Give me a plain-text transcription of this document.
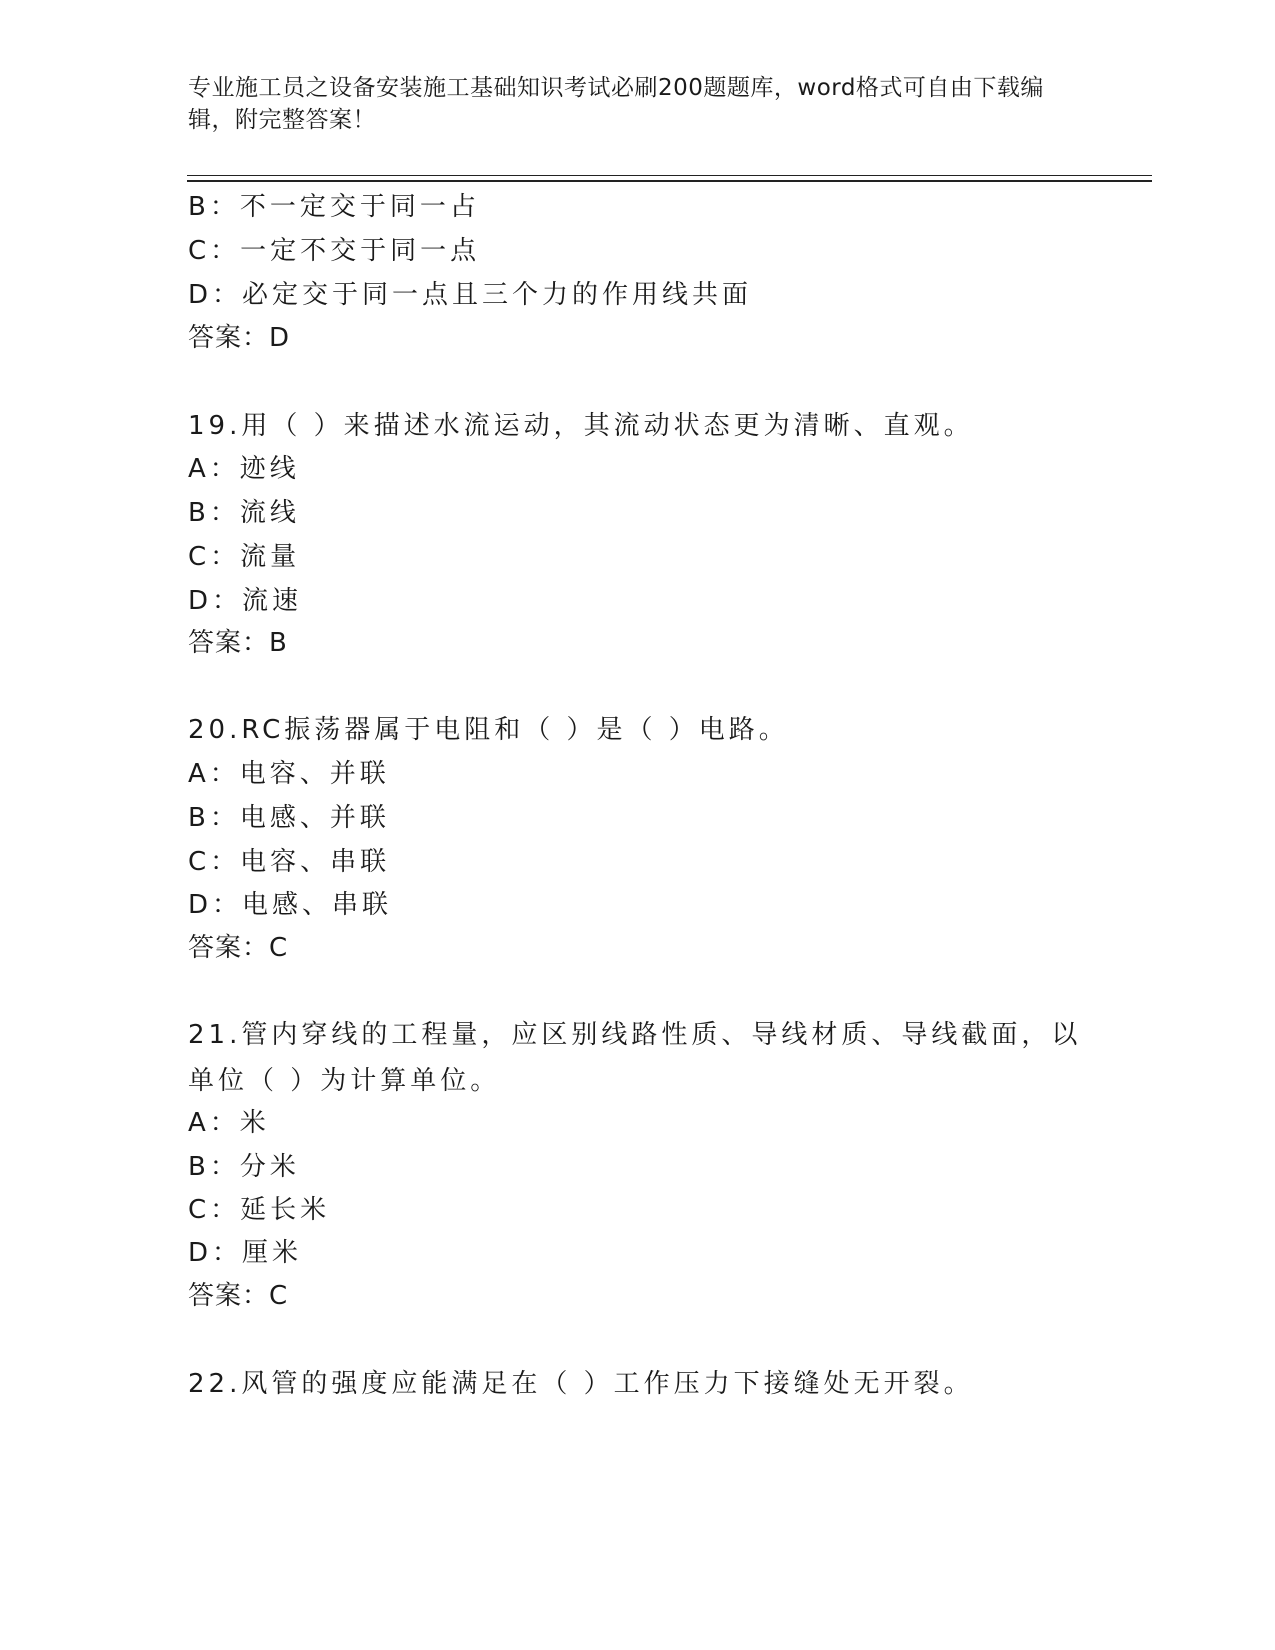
专业施工员之设备安装施工基础知识考试必刷200题题库，word格式可自由下载编辑，附完整答案！
B：不一定交于同一占
C：一定不交于同一点
D：必定交于同一点且三个力的作用线共面
答案：D
19.用（ ）来描述水流运动，其流动状态更为清晰、直观。
A：迹线
B：流线
C：流量
D：流速
答案：B
20.RC振荡器属于电阻和（ ）是（ ）电路。
A：电容、并联
B：电感、并联
C：电容、串联
D：电感、串联
答案：C
21.管内穿线的工程量，应区别线路性质、导线材质、导线截面，以单位（ ）为计算单位。
A：米
B：分米
C：延长米
D：厘米
答案：C
22.风管的强度应能满足在（ ）工作压力下接缝处无开裂。
